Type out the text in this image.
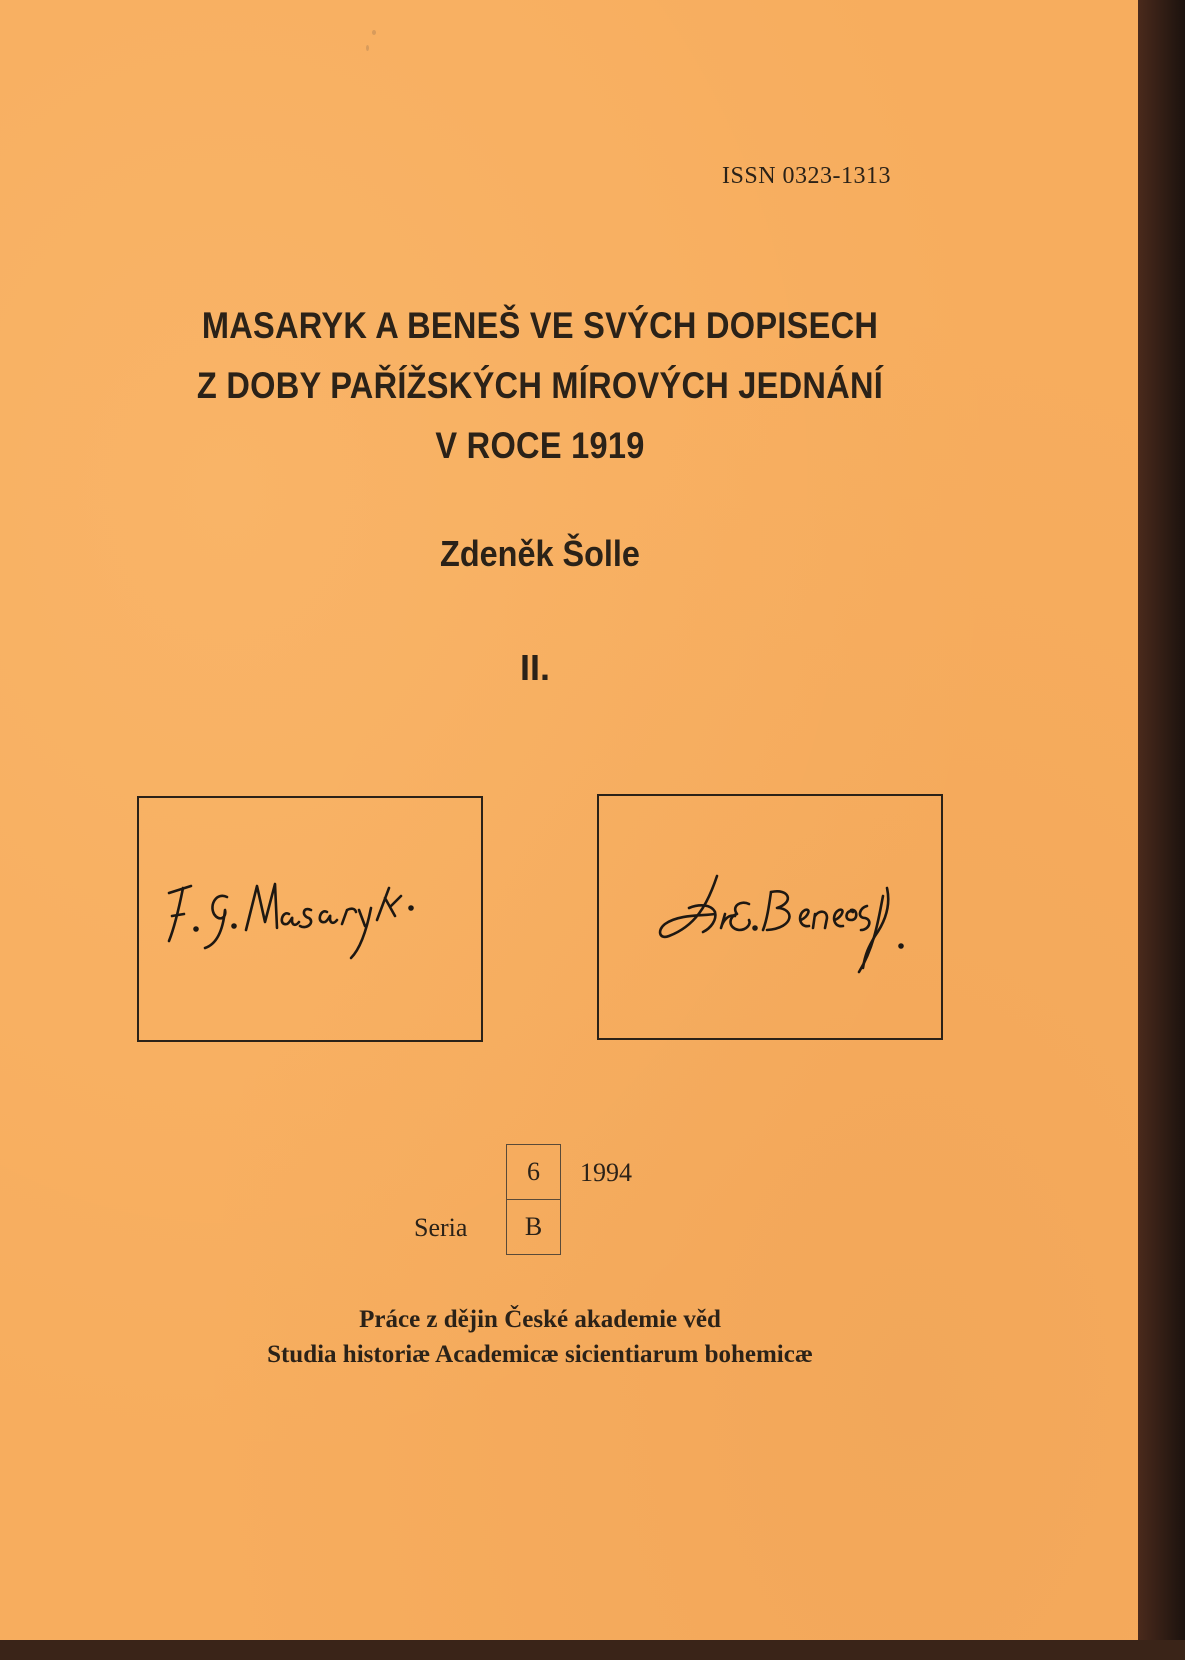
ISSN 0323-1313
MASARYK A BENEŠ VE SVÝCH DOPISECH
Z DOBY PAŘÍŽSKÝCH MÍROVÝCH JEDNÁNÍ
V ROCE 1919
Zdeněk Šolle
II.
6
B
1994
Seria
Práce z dějin České akademie věd
Studia historiæ Academicæ sicientiarum bohemicæ
